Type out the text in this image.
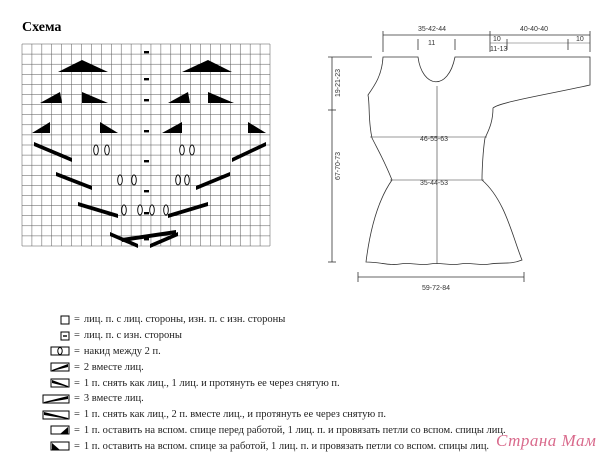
Схема	35-42-44
11
40-40-40
10
11-13
10
19-21-23
67-70-73
46-55-63
35-44-53
59-72-84
= лиц. п. с лиц. стороны, изн. п. с изн. стороны
= лиц. п. с изн. стороны
= накид между 2 п.
= 2 вместе лиц.
= 1 п. снять как лиц., 1 лиц. и протянуть ее через снятую п.
= 3 вместе лиц.
= 1 п. снять как лиц., 2 п. вместе лиц., и протянуть ее через снятую п.
= 1 п. оставить на вспом. спице перед работой, 1 лиц. п. и провязать петли со вспом. спицы лиц.
= 1 п. оставить на вспом. спице за работой, 1 лиц. п. и провязать петли со вспом. спицы лиц. Страна Мам
